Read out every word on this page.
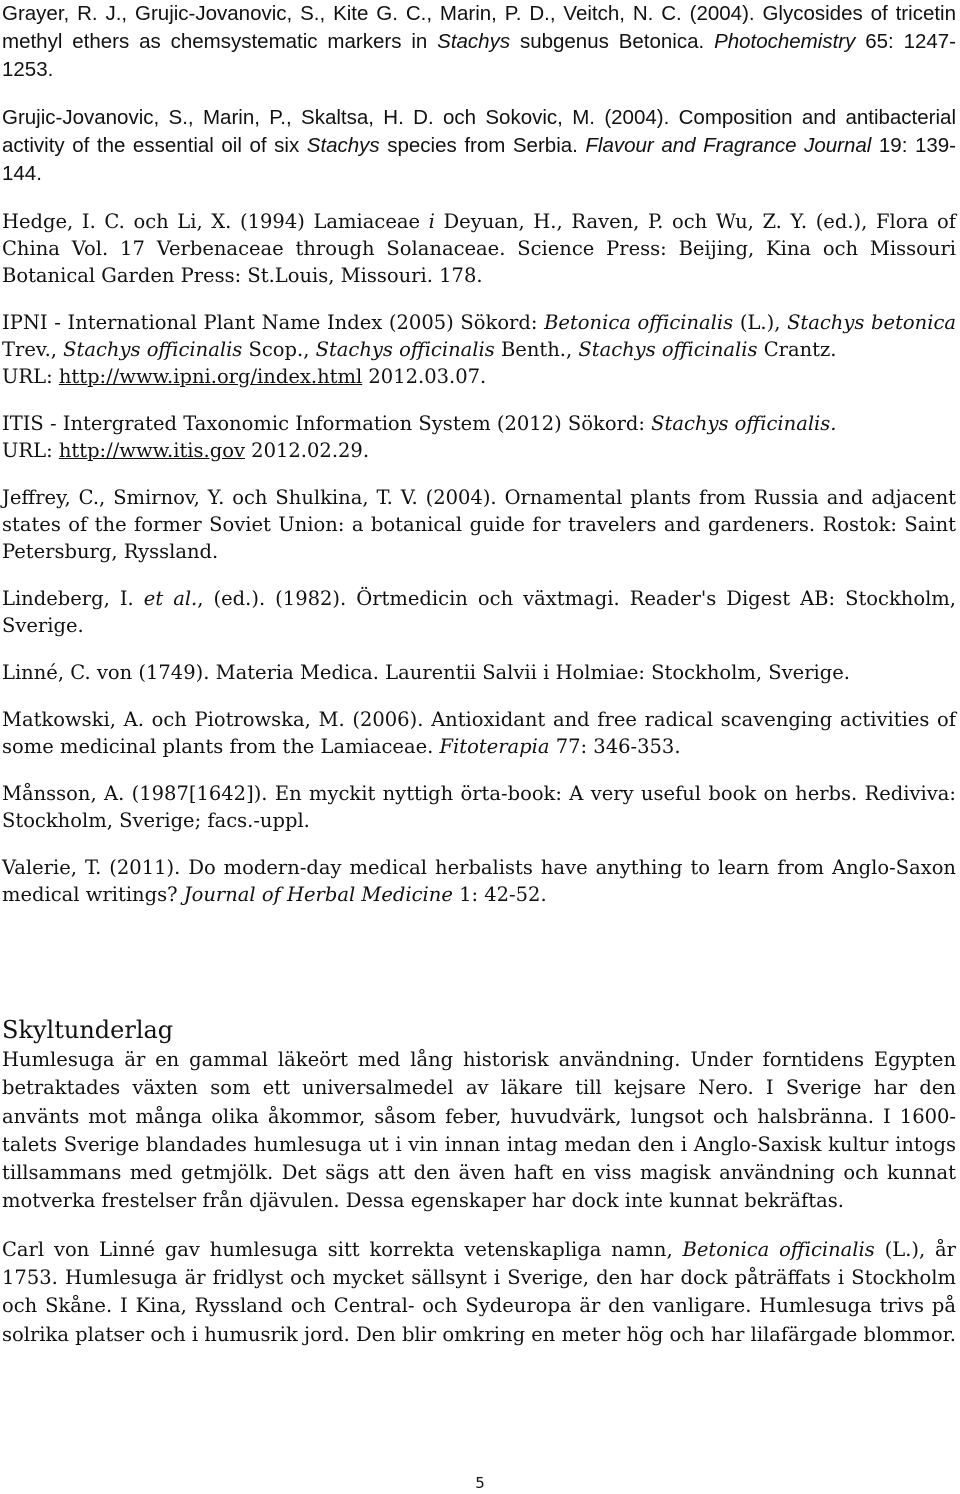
Grayer, R. J., Grujic-Jovanovic, S., Kite G. C., Marin, P. D., Veitch, N. C. (2004). Glycosides of tricetin methyl ethers as chemsystematic markers in Stachys subgenus Betonica. Photochemistry 65: 1247-1253.

Grujic-Jovanovic, S., Marin, P., Skaltsa, H. D. och Sokovic, M. (2004). Composition and antibacterial activity of the essential oil of six Stachys species from Serbia. Flavour and Fragrance Journal 19: 139-144.

Hedge, I. C. och Li, X. (1994) Lamiaceae i Deyuan, H., Raven, P. och Wu, Z. Y. (ed.), Flora of China Vol. 17 Verbenaceae through Solanaceae. Science Press: Beijing, Kina och Missouri Botanical Garden Press: St.Louis, Missouri. 178.

IPNI - International Plant Name Index (2005) Sökord: Betonica officinalis (L.), Stachys betonica Trev., Stachys officinalis Scop., Stachys officinalis Benth., Stachys officinalis Crantz.
URL: http://www.ipni.org/index.html 2012.03.07.

ITIS - Intergrated Taxonomic Information System (2012) Sökord: Stachys officinalis.
URL: http://www.itis.gov 2012.02.29.

Jeffrey, C., Smirnov, Y. och Shulkina, T. V. (2004). Ornamental plants from Russia and adjacent states of the former Soviet Union: a botanical guide for travelers and gardeners. Rostok: Saint Petersburg, Ryssland.

Lindeberg, I. et al., (ed.). (1982). Örtmedicin och växtmagi. Reader's Digest AB: Stockholm, Sverige.

Linné, C. von (1749). Materia Medica. Laurentii Salvii i Holmiae: Stockholm, Sverige.

Matkowski, A. och Piotrowska, M. (2006). Antioxidant and free radical scavenging activities of some medicinal plants from the Lamiaceae. Fitoterapia 77: 346-353.

Månsson, A. (1987[1642]). En myckit nyttigh örta-book: A very useful book on herbs. Rediviva: Stockholm, Sverige; facs.-uppl.

Valerie, T. (2011). Do modern-day medical herbalists have anything to learn from Anglo-Saxon medical writings? Journal of Herbal Medicine 1: 42-52.

Skyltunderlag

Humlesuga är en gammal läkeört med lång historisk användning. Under forntidens Egypten betraktades växten som ett universalmedel av läkare till kejsare Nero. I Sverige har den använts mot många olika åkommor, såsom feber, huvudvärk, lungsot och halsbränna. I 1600-talets Sverige blandades humlesuga ut i vin innan intag medan den i Anglo-Saxisk kultur intogs tillsammans med getmjölk. Det sägs att den även haft en viss magisk användning och kunnat motverka frestelser från djävulen. Dessa egenskaper har dock inte kunnat bekräftas.

Carl von Linné gav humlesuga sitt korrekta vetenskapliga namn, Betonica officinalis (L.), år 1753. Humlesuga är fridlyst och mycket sällsynt i Sverige, den har dock påträffats i Stockholm och Skåne. I Kina, Ryssland och Central- och Sydeuropa är den vanligare. Humlesuga trivs på solrika platser och i humusrik jord. Den blir omkring en meter hög och har lilafärgade blommor.

5
